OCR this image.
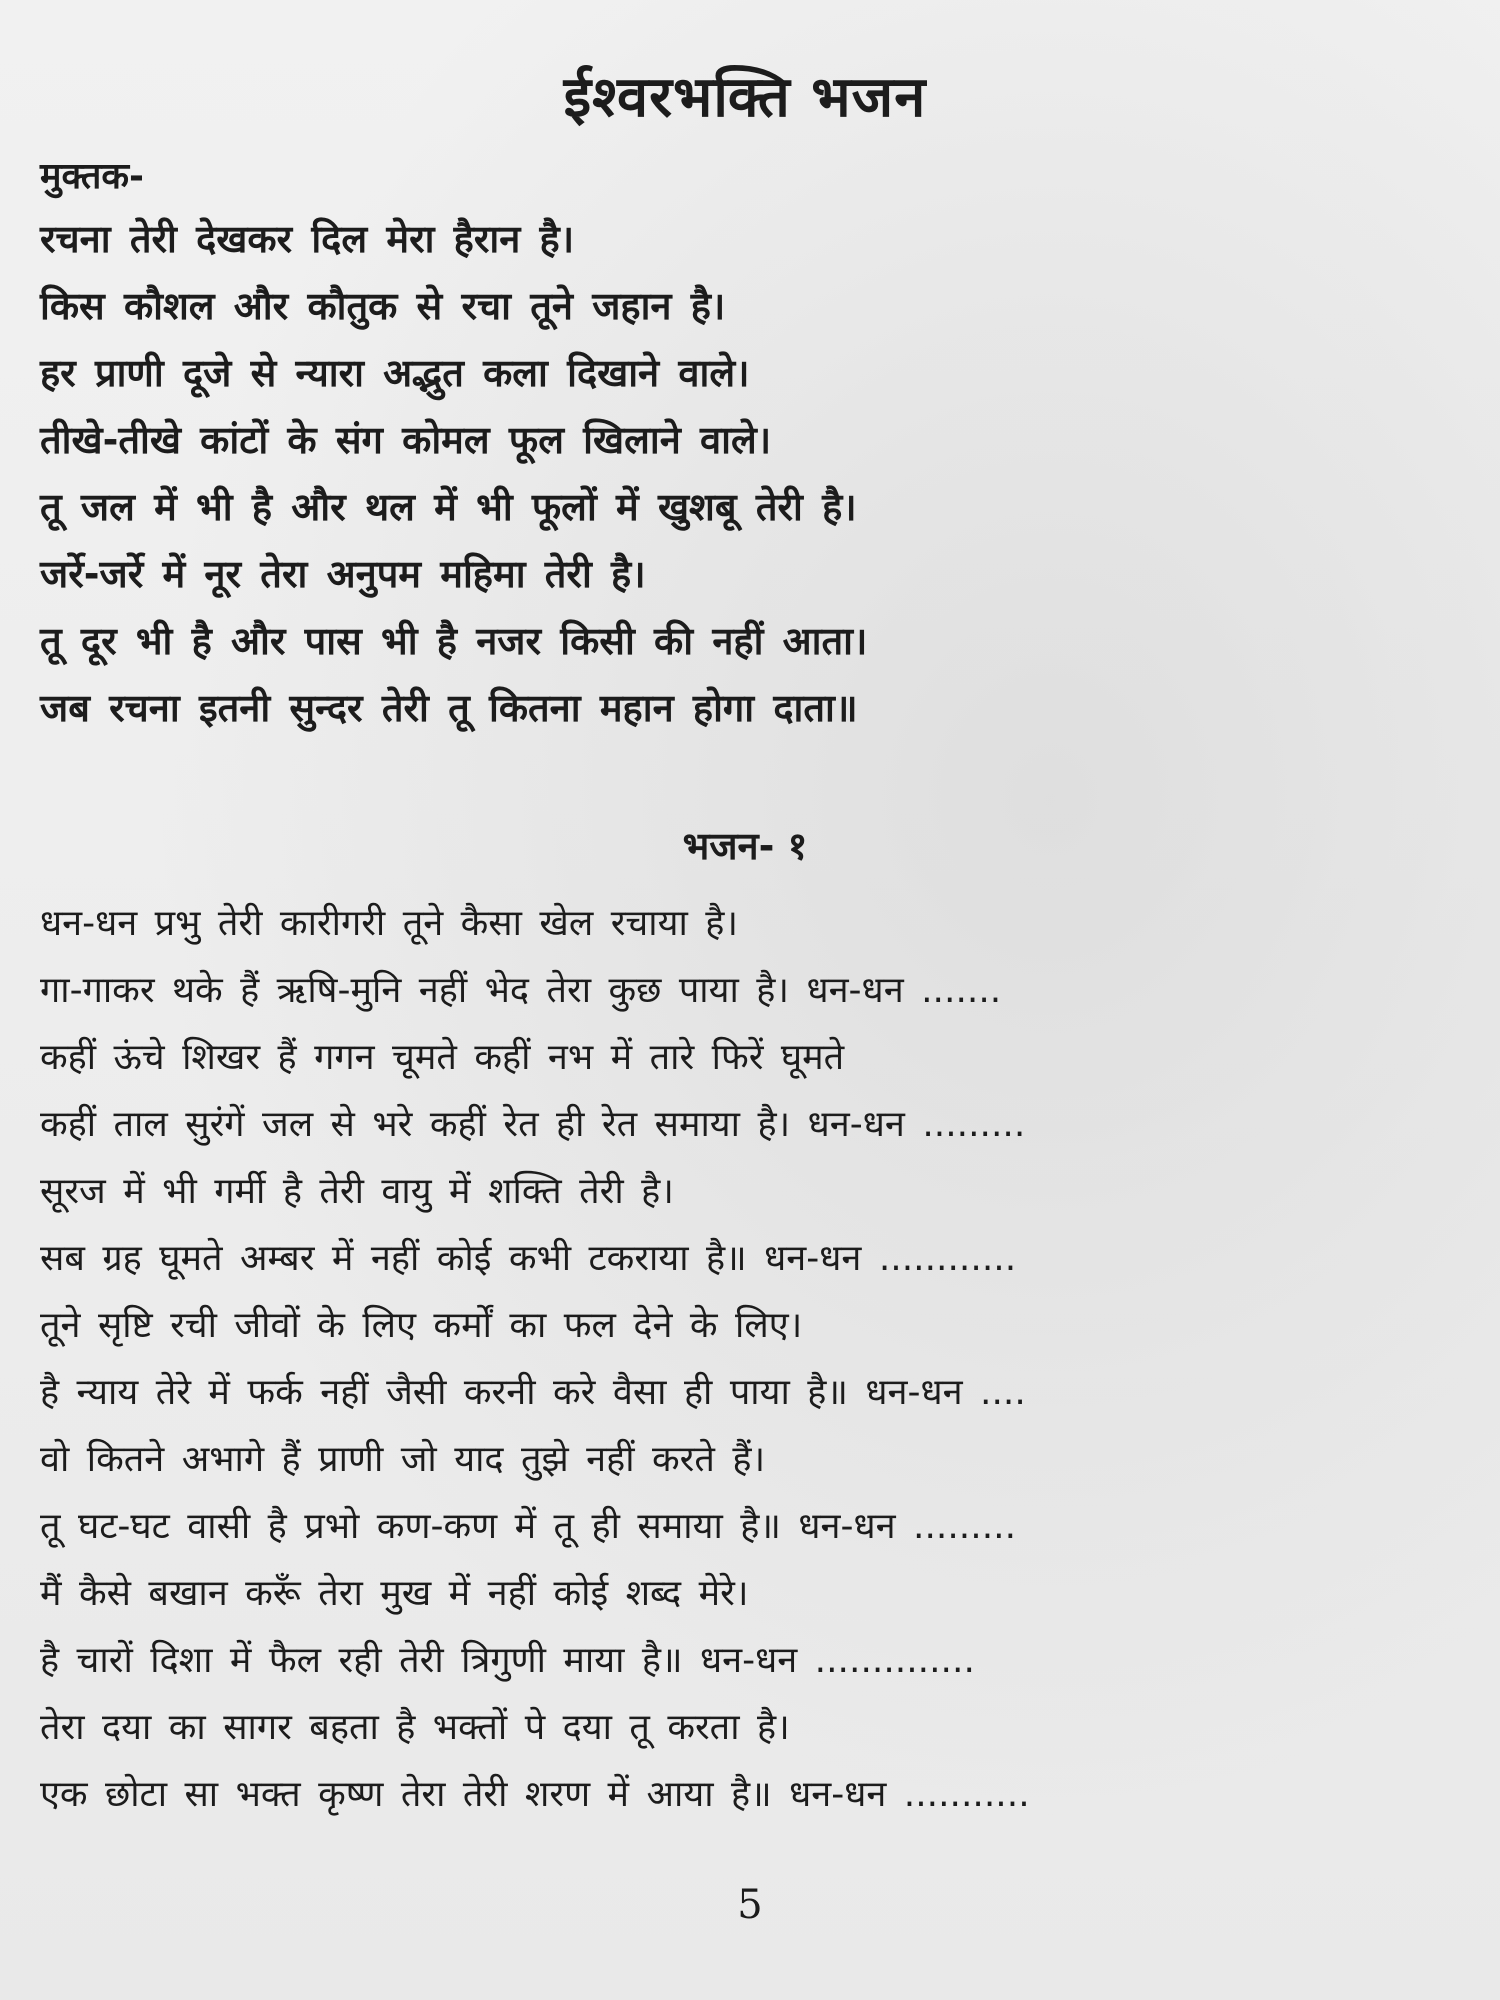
ईश्वरभक्ति भजन

मुक्तक-

रचना तेरी देखकर दिल मेरा हैरान है।
किस कौशल और कौतुक से रचा तूने जहान है।
हर प्राणी दूजे से न्यारा अद्भुत कला दिखाने वाले।
तीखे-तीखे कांटों के संग कोमल फूल खिलाने वाले।
तू जल में भी है और थल में भी फूलों में खुशबू तेरी है।
जर्रे-जर्रे में नूर तेरा अनुपम महिमा तेरी है।
तू दूर भी है और पास भी है नजर किसी की नहीं आता।
जब रचना इतनी सुन्दर तेरी तू कितना महान होगा दाता॥
भजन- १
धन-धन प्रभु तेरी कारीगरी तूने कैसा खेल रचाया है।
गा-गाकर थके हैं ऋषि-मुनि नहीं भेद तेरा कुछ पाया है। धन-धन .......
कहीं ऊंचे शिखर हैं गगन चूमते कहीं नभ में तारे फिरें घूमते
कहीं ताल सुरंगें जल से भरे कहीं रेत ही रेत समाया है। धन-धन .........
सूरज में भी गर्मी है तेरी वायु में शक्ति तेरी है।
सब ग्रह घूमते अम्बर में नहीं कोई कभी टकराया है॥ धन-धन ............
तूने सृष्टि रची जीवों के लिए कर्मों का फल देने के लिए।
है न्याय तेरे में फर्क नहीं जैसी करनी करे वैसा ही पाया है॥ धन-धन ....
वो कितने अभागे हैं प्राणी जो याद तुझे नहीं करते हैं।
तू घट-घट वासी है प्रभो कण-कण में तू ही समाया है॥ धन-धन .........
मैं कैसे बखान करूँ तेरा मुख में नहीं कोई शब्द मेरे।
है चारों दिशा में फैल रही तेरी त्रिगुणी माया है॥ धन-धन ..............
तेरा दया का सागर बहता है भक्तों पे दया तू करता है।
एक छोटा सा भक्त कृष्ण तेरा तेरी शरण में आया है॥ धन-धन ...........
5
